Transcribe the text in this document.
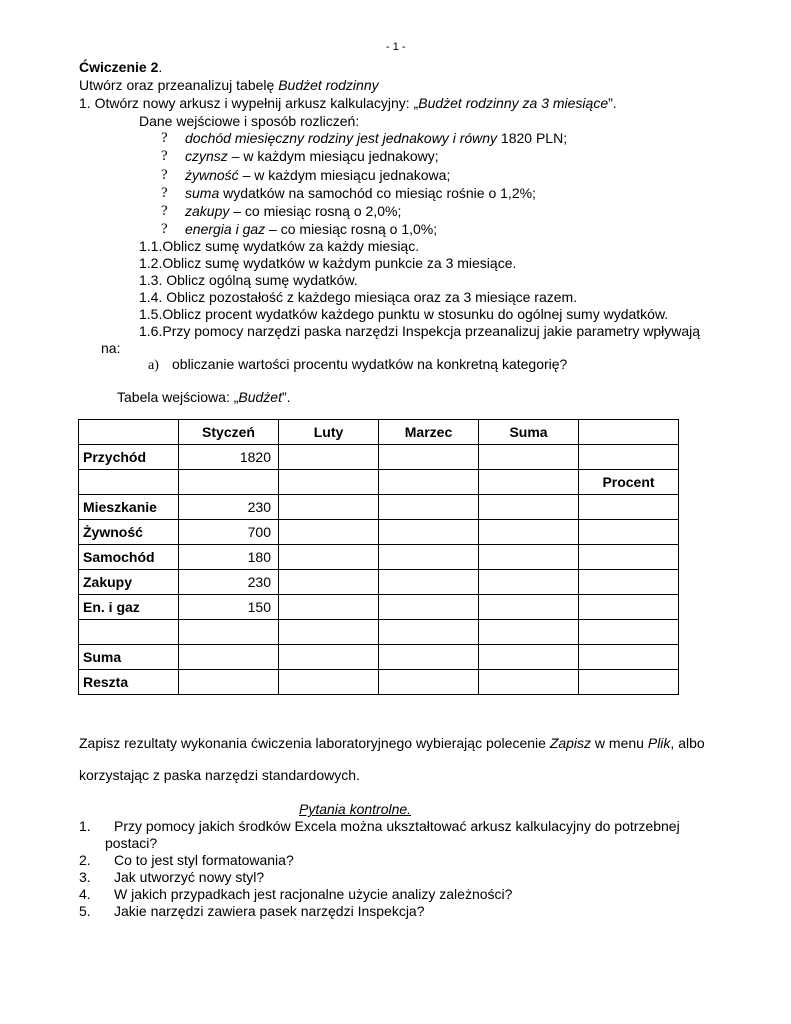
- 1 -
Ćwiczenie 2.
Utwórz oraz przeanalizuj tabelę Budżet rodzinny
1. Otwórz nowy arkusz i wypełnij arkusz kalkulacyjny: „Budżet rodzinny za 3 miesiące”.
Dane wejściowe i sposób rozliczeń:
? dochód miesięczny rodziny jest jednakowy i równy 1820 PLN;
? czynsz – w każdym miesiącu jednakowy;
? żywność – w każdym miesiącu jednakowa;
? suma wydatków na samochód co miesiąc rośnie o 1,2%;
? zakupy – co miesiąc rosną o 2,0%;
? energia i gaz – co miesiąc rosną o 1,0%;
1.1.Oblicz sumę wydatków za każdy miesiąc.
1.2.Oblicz sumę wydatków w każdym punkcie za 3 miesiące.
1.3. Oblicz ogólną sumę wydatków.
1.4. Oblicz pozostałość z każdego miesiąca oraz za 3 miesiące razem.
1.5.Oblicz procent wydatków każdego punktu w stosunku do ogólnej sumy wydatków.
1.6.Przy pomocy narzędzi paska narzędzi Inspekcja przeanalizuj jakie parametry wpływają
na:
a) obliczanie wartości procentu wydatków na konkretną kategorię?
Tabela wejściowa: „Budżet”.
	Styczeń	Luty	Marzec	Suma	
Przychód	1820				
					Procent
Mieszkanie	230				
Żywność	700				
Samochód	180				
Zakupy	230				
En. i gaz	150				

Suma					
Reszta					
Zapisz rezultaty wykonania ćwiczenia laboratoryjnego wybierając polecenie Zapisz w menu Plik, albo
korzystając z paska narzędzi standardowych.
Pytania kontrolne.
1. Przy pomocy jakich środków Excela można ukształtować arkusz kalkulacyjny do potrzebnej
postaci?
2. Co to jest styl formatowania?
3. Jak utworzyć nowy styl?
4. W jakich przypadkach jest racjonalne użycie analizy zależności?
5. Jakie narzędzi zawiera pasek narzędzi Inspekcja?
